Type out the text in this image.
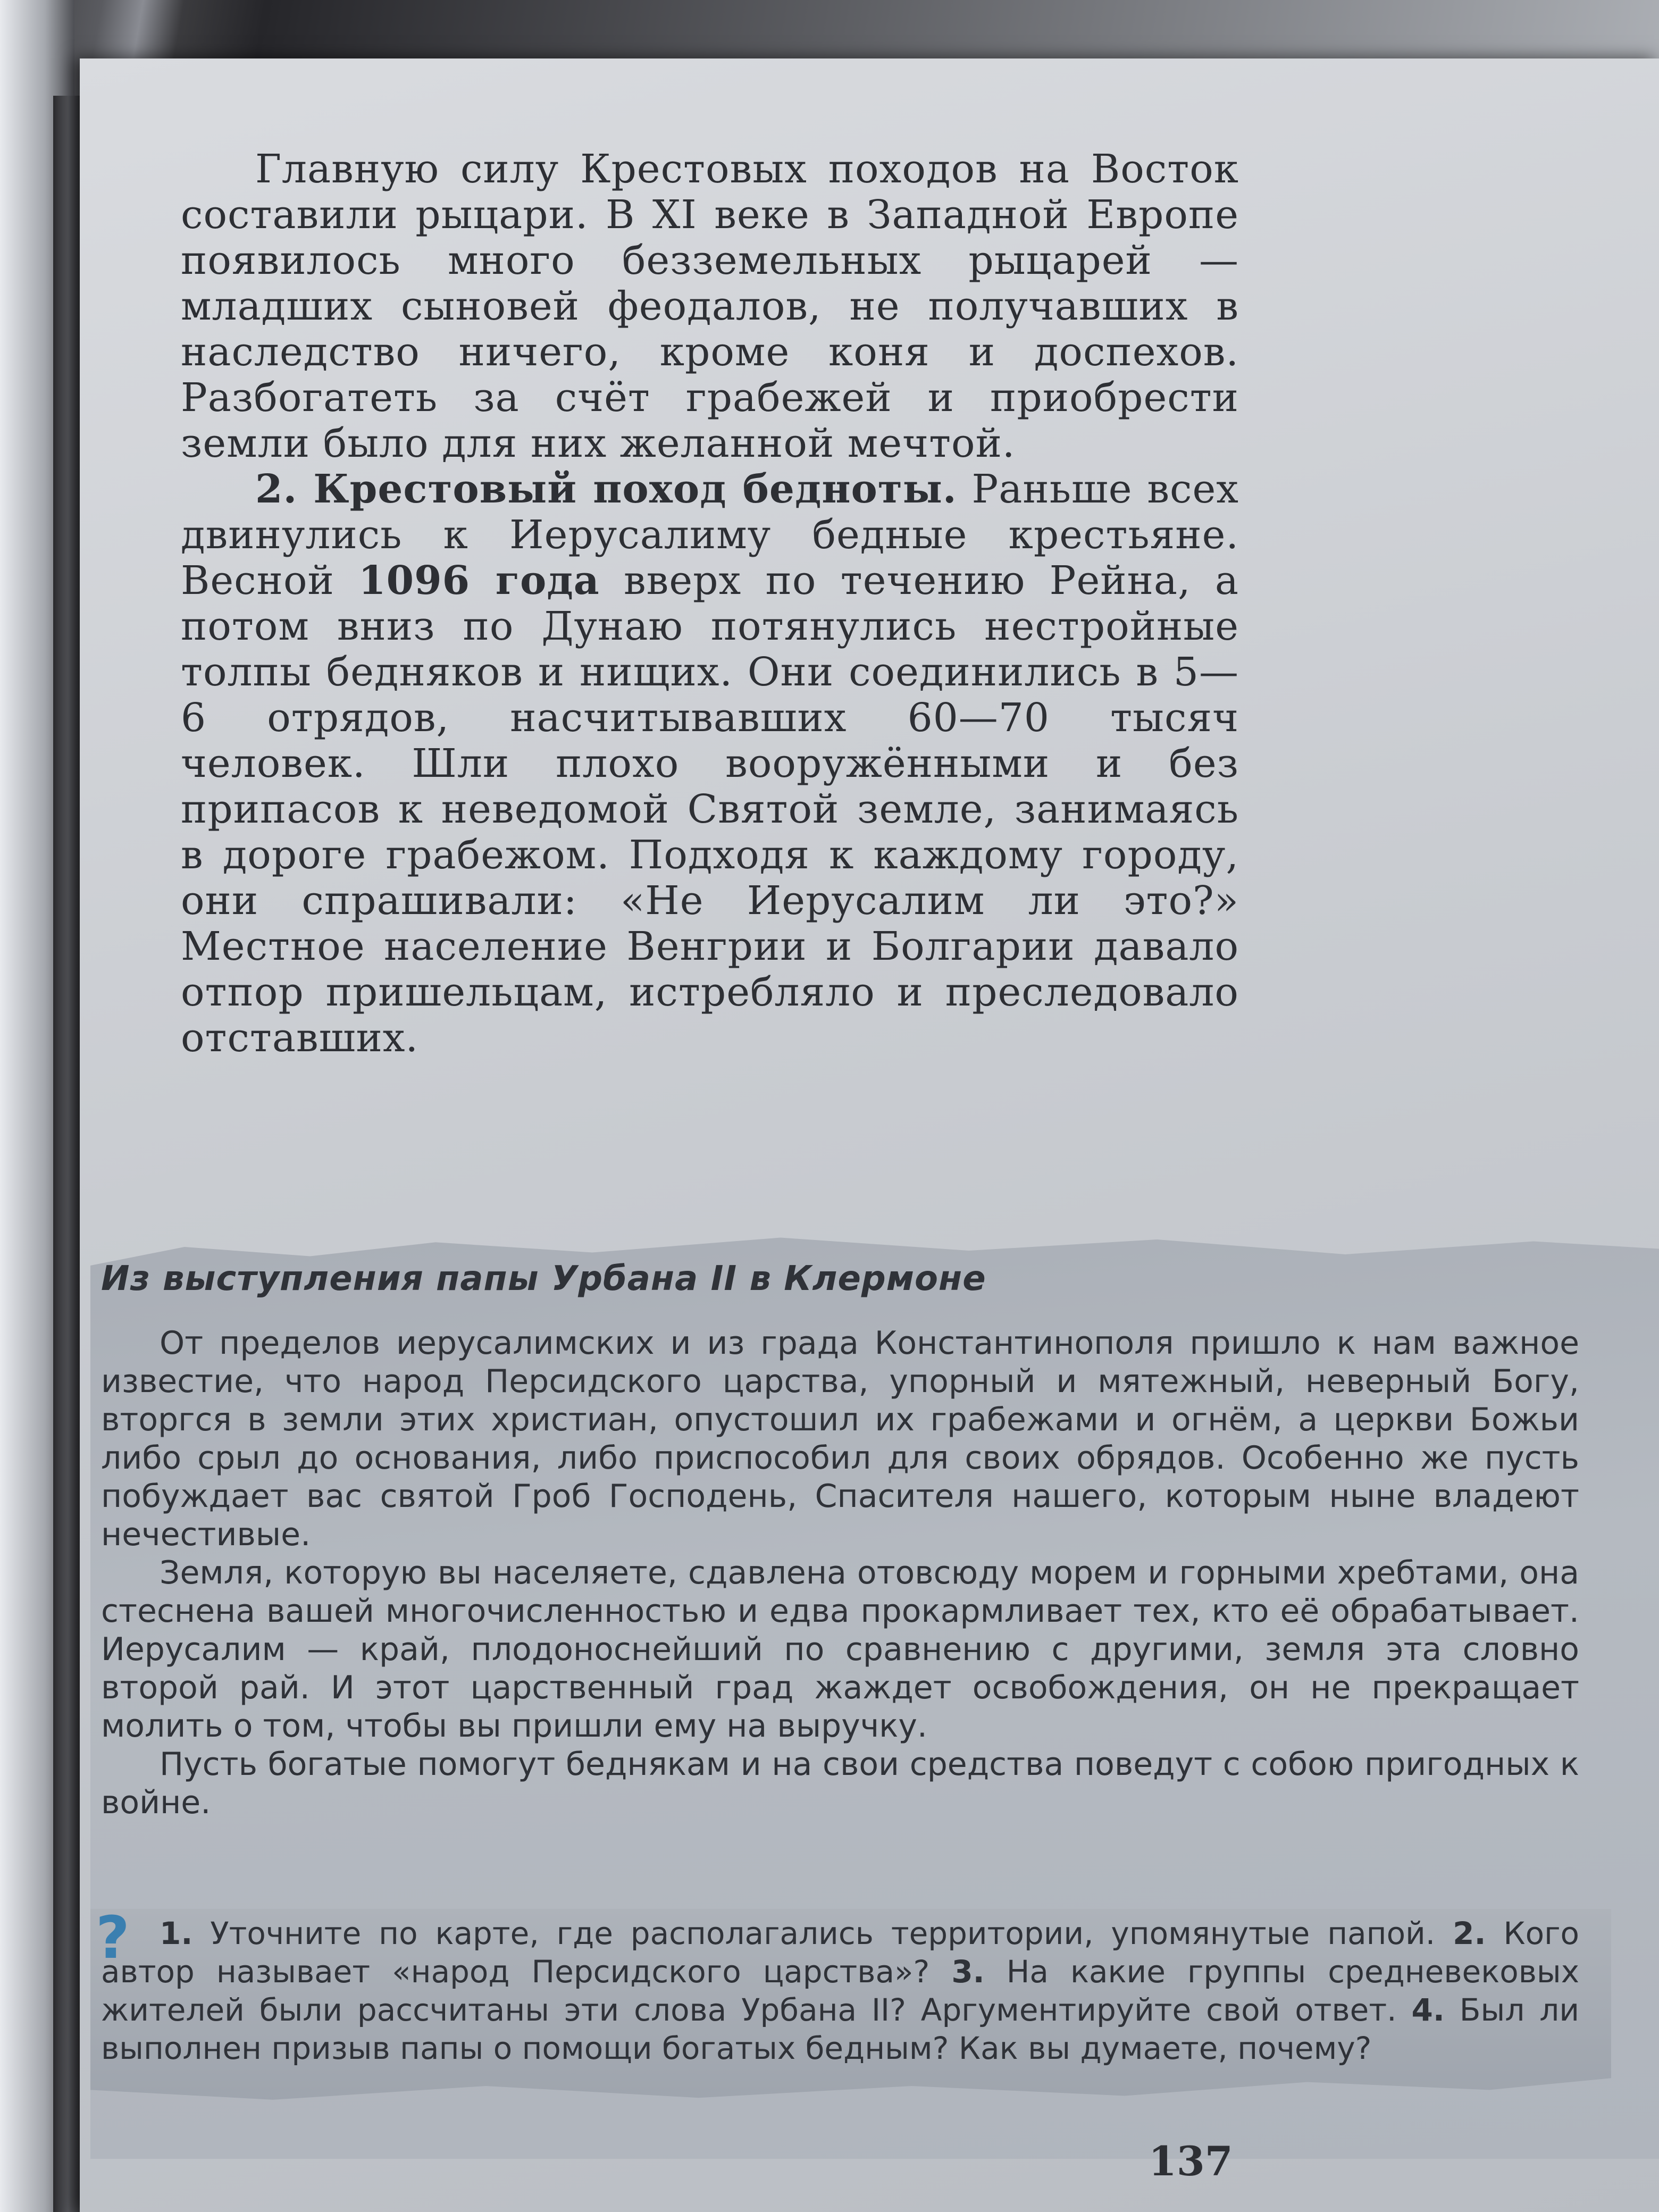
Главную силу Крестовых походов на Восток составили рыцари. В XI веке в Западной Европе появилось много безземельных рыцарей — младших сыновей феодалов, не получавших в наследство ничего, кроме коня и доспехов. Разбогатеть за счёт грабежей и приобрести земли было для них желанной мечтой.

2. Крестовый поход бедноты. Раньше всех двинулись к Иерусалиму бедные крестьяне. Весной 1096 года вверх по течению Рейна, а потом вниз по Дунаю потянулись нестройные толпы бедняков и нищих. Они соединились в 5—6 отрядов, насчитывавших 60—70 тысяч человек. Шли плохо вооружёнными и без припасов к неведомой Святой земле, занимаясь в дороге грабежом. Подходя к каждому городу, они спрашивали: «Не Иерусалим ли это?» Местное население Венгрии и Болгарии давало отпор пришельцам, истребляло и преследовало отставших.

Из выступления папы Урбана II в Клермоне

От пределов иерусалимских и из града Константинополя пришло к нам важное известие, что народ Персидского царства, упорный и мятежный, неверный Богу, вторгся в земли этих христиан, опустошил их грабежами и огнём, а церкви Божьи либо срыл до основания, либо приспособил для своих обрядов. Особенно же пусть побуждает вас святой Гроб Господень, Спасителя нашего, которым ныне владеют нечестивые.

Земля, которую вы населяете, сдавлена отовсюду морем и горными хребтами, она стеснена вашей многочисленностью и едва прокармливает тех, кто её обрабатывает. Иерусалим — край, плодоноснейший по сравнению с другими, земля эта словно второй рай. И этот царственный град жаждет освобождения, он не прекращает молить о том, чтобы вы пришли ему на выручку.

Пусть богатые помогут беднякам и на свои средства поведут с собою пригодных к войне.

? 1. Уточните по карте, где располагались территории, упомянутые папой. 2. Кого автор называет «народ Персидского царства»? 3. На какие группы средневековых жителей были рассчитаны эти слова Урбана II? Аргументируйте свой ответ. 4. Был ли выполнен призыв папы о помощи богатых бедным? Как вы думаете, почему?
137
